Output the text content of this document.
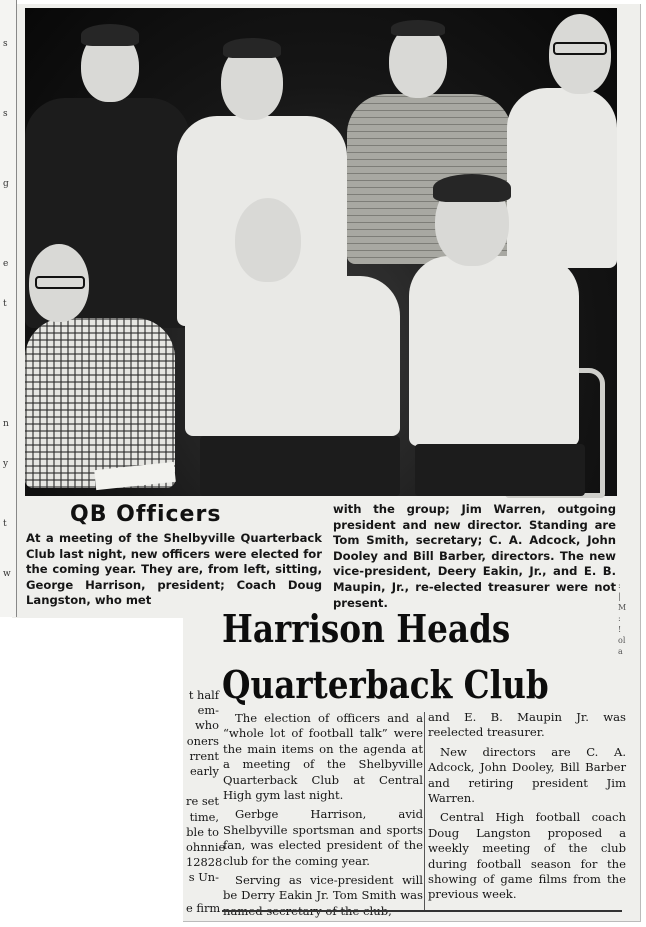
s
s
g
e
t
n
y
t
w
QB Officers
At a meeting of the Shelbyville Quarterback Club last night, new officers were elected for the coming year. They are, from left, sitting, George Harrison, president; Coach Doug Langston, who met
with the group; Jim Warren, outgoing president and new director. Standing are Tom Smith, secretary; C. A. Adcock, John Dooley and Bill Barber, directors. The new vice-president, Deery Eakin, Jr., and E. B. Maupin, Jr., re-elected treasurer were not present.
:
|
M
:
!
ol
a
Harrison Heads
Quarterback Club

The election of officers and a “whole lot of football talk” were the main items on the agenda at a meeting of the Shelbyville Quarterback Club at Central High gym last night.

Gerbge Harrison, avid Shelbyville sportsman and sports fan, was elected president of the club for the coming year.

Serving as vice-president will be Derry Eakin Jr. Tom Smith was

and E. B. Maupin Jr. was reelected treasurer.

New directors are C. A. Adcock, John Dooley, Bill Barber and retiring president Jim Warren.

Central High football coach Doug Langston proposed a weekly meeting of the club during football season for the showing of game films from the previous week.

t half
em-
who
oners
rrent
early

re set
time,
ble to
ohnnie
12828
s Un-

e firm
